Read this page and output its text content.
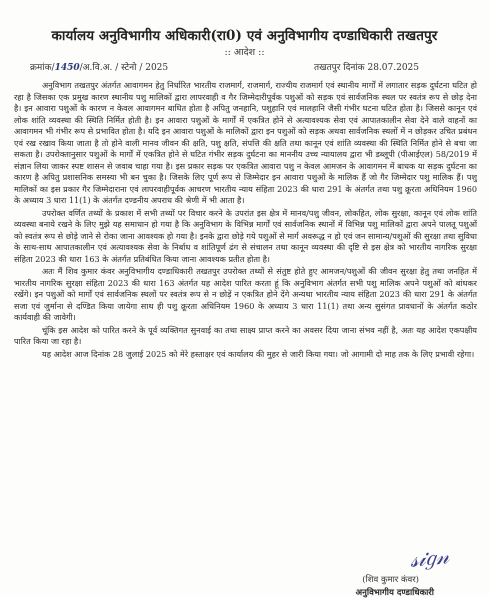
कार्यालय अनुविभागीय अधिकारी(रा0) एवं अनुविभागीय दण्डाधिकारी तखतपुर
:: आदेश ::
क्रमांक/1450/अ.वि.अ. / स्टेनो / 2025	तखतपुर दिनांक 28.07.2025

अनुविभाग तखतपुर अंतर्गत आवागमन हेतु निर्धारित भारतीय राजमार्ग, राजमार्ग, राज्यीय राजमार्ग एवं स्थानीय मार्गों में लगातार सड़क दुर्घटना घटित हो रहा है जिसका एक प्रमुख कारण स्थानीय पशु मालिकों द्वारा लापरवाही व गैर जिम्मेदारीपूर्वक पशुओं को सड़क एवं सार्वजनिक स्थल पर स्वतंत्र रूप से छोड़ देना है। इन आवारा पशुओं के कारण न केवल आवागमन बाधित होता है अपितु जनहानि, पशुहानि एवं मालहानि जैसी गंभीर घटना घटित होता है। जिससे कानून एवं लोक शांति व्यवस्था की स्थिति निर्मित होती है। इन आवारा पशुओं के मार्गों में एकत्रित होने से अत्यावश्यक सेवा एवं आपातकालीन सेवा देने वाले वाहनों का आवागमन भी गंभीर रूप से प्रभावित होता है। यदि इन आवारा पशुओं के मालिकों द्वारा इन पशुओं को सड़क अथवा सार्वजनिक स्थलों में न छोड़कर उचित प्रबंधन एवं रख रखाव किया जाता है तो होने वाली मानव जीवन की क्षति, पशु क्षति, संपत्ति की क्षति तथा कानून एवं शांति व्यवस्था की स्थिति निर्मित होने से बचा जा सकता है। उपरोक्तानुसार पशुओं के मार्गों में एकत्रित होने से घटित गंभीर सड़क दुर्घटना का माननीय उच्च न्यायालय द्वारा भी डब्लूपी (पीआईएल) 58/2019 में संज्ञान लिया जाकर स्पष्ट शासन से जवाब चाहा गया है। इस प्रकार सड़क पर एकत्रित आवारा पशु न केवल आमजन के आवागमन में बाधक या सड़क दुर्घटना का कारण है अपितु प्रशासनिक समस्या भी बन चुका है। जिसके लिए पूर्ण रूप से जिम्मेदार इन आवारा पशुओं के मालिक हैं जो गैर जिम्मेदार पशु मालिक हैं। पशु मालिकों का इस प्रकार गैर जिम्मेदाराना एवं लापरवाहीपूर्वक आचरण भारतीय न्याय संहिता 2023 की धारा 291 के अंतर्गत तथा पशु क्रूरता अधिनियम 1960 के अध्याय 3 धारा 11(1) के अंतर्गत दण्डनीय अपराध की श्रेणी में भी आता है।

उपरोक्त वर्णित तथ्यों के प्रकाश में सभी तथ्यों पर विचार करने के उपरांत इस क्षेत्र में मानव/पशु जीवन, लोकहित, लोक सुरक्षा, कानून एवं लोक शांति व्यवस्था बनाये रखने के लिए मुझे यह समाधान हो गया है कि अनुविभाग के विभिन्न मार्गों एवं सार्वजनिक स्थानों में विभिन्न पशु मालिकों द्वारा अपने पालतू पशुओं को स्वतंत्र रूप से छोड़े जाने से रोका जाना आवश्यक हो गया है। इनके द्वारा छोड़े गये पशुओं से मार्ग अवरूद्ध न हो एवं जन सामान्य/पशुओं की सुरक्षा तथा सुविधा के साथ-साथ आपातकालीन एवं अत्यावश्यक सेवा के निर्बाध व शांतिपूर्ण ढंग से संचालन तथा कानून व्यवस्था की दृष्टि से इस क्षेत्र को भारतीय नागरिक सुरक्षा संहिता 2023 की धारा 163 के अंतर्गत प्रतिबंधित किया जाना आवश्यक प्रतीत होता है।

अतः मैं शिव कुमार कंवर अनुविभागीय दण्डाधिकारी तखतपुर उपरोक्त तथ्यों से संतुष्ट होते हुए आमजन/पशुओं की जीवन सुरक्षा हेतु तथा जनहित में भारतीय नागरिक सुरक्षा संहिता 2023 की धारा 163 अंतर्गत यह आदेश पारित करता हूं कि अनुविभाग अंतर्गत सभी पशु मालिक अपने पशुओं को बांधकर रखेंगे। इन पशुओं को मार्गों एवं सार्वजनिक स्थलों पर स्वतंत्र रूप से न छोड़ें न एकत्रित होने देंगे अन्यथा भारतीय न्याय संहिता 2023 की धारा 291 के अंतर्गत सजा एवं जुर्माना से दण्डित किया जायेगा साथ ही पशु क्रूरता अधिनियम 1960 के अध्याय 3 धारा 11(1) तथा अन्य सुसंगत प्रावधानों के अंतर्गत कठोर कार्यवाही की जावेगी।

चूंकि इस आदेश को पारित करने के पूर्व व्यक्तिगत सुनवाई का तथा साक्ष्य प्राप्त करने का अवसर दिया जाना संभव नहीं है, अतः यह आदेश एकपक्षीय पारित किया जा रहा है।

यह आदेश आज दिनांक 28 जुलाई 2025 को मेरे हस्ताक्षर एवं कार्यालय की मुहर से जारी किया गया। जो आगामी दो माह तक के लिए प्रभावी रहेगा।

𝓈𝒾𝑔𝓃
(शिव कुमार कंवर)
अनुविभागीय दण्डाधिकारी
